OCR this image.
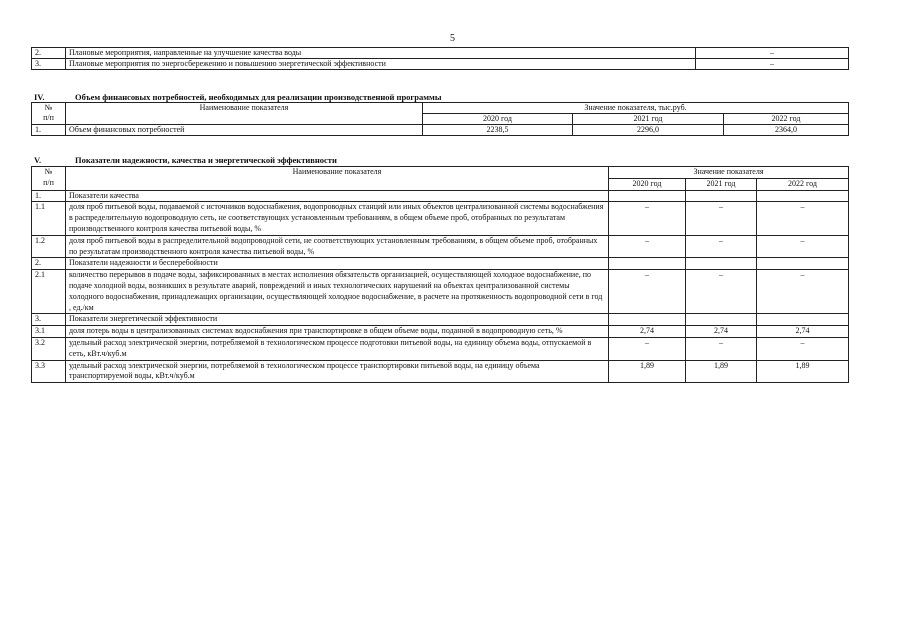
5
2.	Плановые мероприятия, направленные на улучшение качества воды	–
3.	Плановые мероприятия по энергосбережению и повышению энергетической эффективности	–
IV.	Объем финансовых потребностей, необходимых для реализации производственной программы
№
п/п	Наименование показателя	Значение показателя, тыс.руб.		
		2020 год	2021 год	2022 год
1.	Объем финансовых потребностей	2238,5	2296,0	2364,0
V.	Показатели надежности, качества и энергетической эффективности
№
п/п	Наименование показателя	Значение показателя		
		2020 год	2021 год	2022 год
1.	Показатели качества			
1.1	доля проб питьевой воды, подаваемой с источников водоснабжения, водопроводных станций или иных объектов централизованной системы водоснабжения в распределительную водопроводную сеть, не соответствующих установленным требованиям, в общем объеме проб, отобранных по результатам производственного контроля качества питьевой воды, %	–	–	–
1.2	доля проб питьевой воды в распределительной водопроводной сети, не соответствующих установленным требованиям, в общем объеме проб, отобранных по результатам производственного контроля качества питьевой воды, %	–	–	–
2.	Показатели надежности и бесперебойности			
2.1	количество перерывов в подаче воды, зафиксированных в местах исполнения обязательств организацией, осуществляющей холодное водоснабжение, по подаче холодной воды, возникших в результате аварий, повреждений и иных технологических нарушений на объектах централизованной системы холодного водоснабжения, принадлежащих организации, осуществляющей холодное водоснабжение, в расчете на протяженность водопроводной сети в год , ед./км	–	–	–
3.	Показатели энергетической эффективности			
3.1	доля потерь воды в централизованных системах водоснабжения при транспортировке в общем объеме воды, поданной в водопроводную сеть, %	2,74	2,74	2,74
3.2	удельный расход электрической энергии, потребляемой в технологическом процессе подготовки питьевой воды, на единицу объема воды, отпускаемой в сеть, кВт.ч/куб.м	–	–	–
3.3	удельный расход электрической энергии, потребляемой в технологическом процессе транспортировки питьевой воды, на единицу объема транспортируемой воды, кВт.ч/куб.м	1,89	1,89	1,89
